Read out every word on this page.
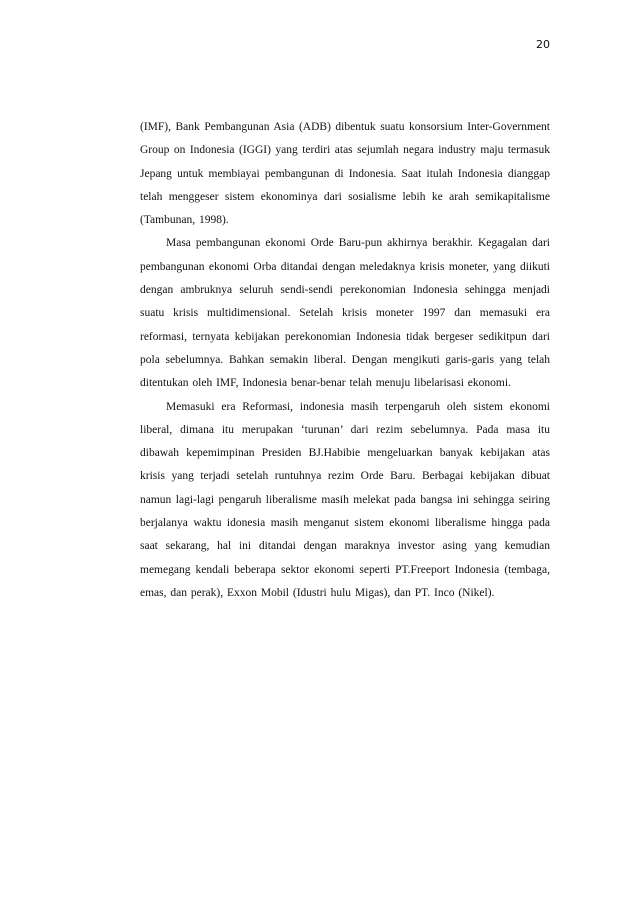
20

(IMF), Bank Pembangunan Asia (ADB) dibentuk suatu konsorsium Inter-Government Group on Indonesia (IGGI) yang terdiri atas sejumlah negara industry maju termasuk Jepang untuk membiayai pembangunan di Indonesia. Saat itulah Indonesia dianggap telah menggeser sistem ekonominya dari sosialisme lebih ke arah semikapitalisme (Tambunan, 1998).

Masa pembangunan ekonomi Orde Baru-pun akhirnya berakhir. Kegagalan dari pembangunan ekonomi Orba ditandai dengan meledaknya krisis moneter, yang diikuti dengan ambruknya seluruh sendi-sendi perekonomian Indonesia sehingga menjadi suatu krisis multidimensional. Setelah krisis moneter 1997 dan memasuki era reformasi, ternyata kebijakan perekonomian Indonesia tidak bergeser sedikitpun dari pola sebelumnya. Bahkan semakin liberal. Dengan mengikuti garis-garis yang telah ditentukan oleh IMF, Indonesia benar-benar telah menuju libelarisasi ekonomi.

Memasuki era Reformasi, indonesia masih terpengaruh oleh sistem ekonomi liberal, dimana itu merupakan ‘turunan’ dari rezim sebelumnya. Pada masa itu dibawah kepemimpinan Presiden BJ.Habibie mengeluarkan banyak kebijakan atas krisis yang terjadi setelah runtuhnya rezim Orde Baru. Berbagai kebijakan dibuat namun lagi-lagi pengaruh liberalisme masih melekat pada bangsa ini sehingga seiring berjalanya waktu idonesia masih menganut sistem ekonomi liberalisme hingga pada saat sekarang, hal ini ditandai dengan maraknya investor asing yang kemudian memegang kendali beberapa sektor ekonomi seperti PT.Freeport Indonesia (tembaga, emas, dan perak), Exxon Mobil (Idustri hulu Migas), dan PT. Inco (Nikel).
